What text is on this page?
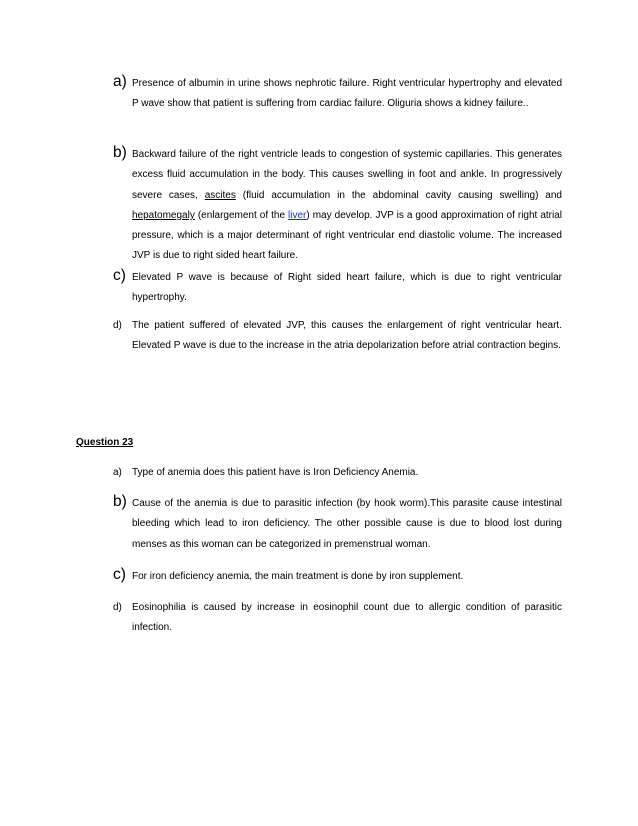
a) Presence of albumin in urine shows nephrotic failure. Right ventricular hypertrophy and elevated P wave show that patient is suffering from cardiac failure. Oliguria shows a kidney failure..
b) Backward failure of the right ventricle leads to congestion of systemic capillaries. This generates excess fluid accumulation in the body. This causes swelling in foot and ankle. In progressively severe cases, ascites (fluid accumulation in the abdominal cavity causing swelling) and hepatomegaly (enlargement of the liver) may develop. JVP is a good approximation of right atrial pressure, which is a major determinant of right ventricular end diastolic volume. The increased JVP is due to right sided heart failure.
c) Elevated P wave is because of Right sided heart failure, which is due to right ventricular hypertrophy.
d) The patient suffered of elevated JVP, this causes the enlargement of right ventricular heart. Elevated P wave is due to the increase in the atria depolarization before atrial contraction begins.
Question 23
a) Type of anemia does this patient have is Iron Deficiency Anemia.
b) Cause of the anemia is due to parasitic infection (by hook worm).This parasite cause intestinal bleeding which lead to iron deficiency. The other possible cause is due to blood lost during menses as this woman can be categorized in premenstrual woman.
c) For iron deficiency anemia, the main treatment is done by iron supplement.
d) Eosinophilia is caused by increase in eosinophil count due to allergic condition of parasitic infection.
